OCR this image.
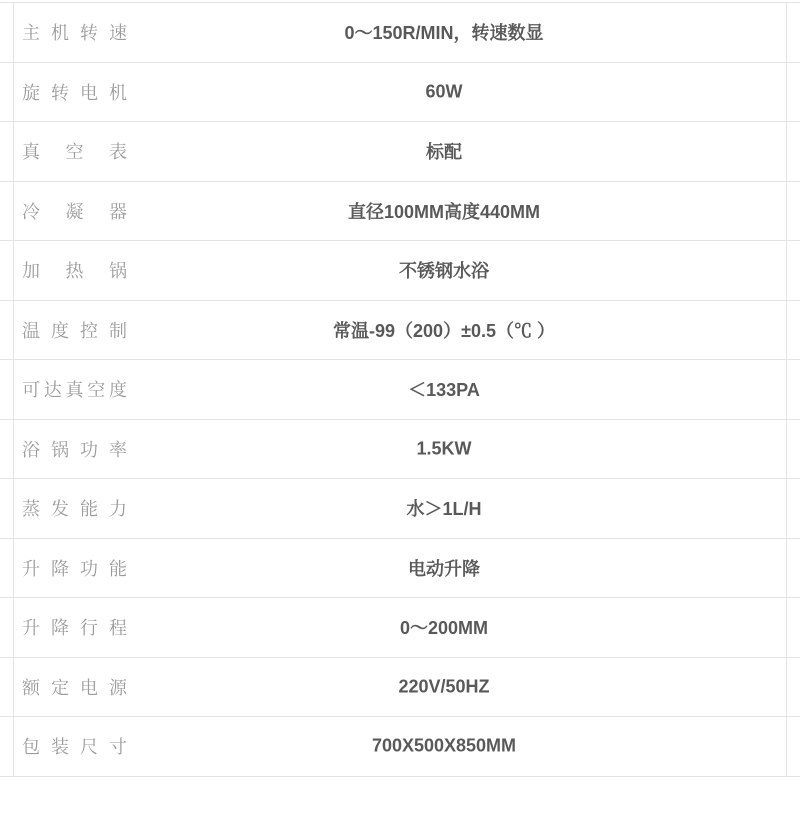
主机转速	0～150R/MIN，转速数显
旋转电机	60W
真空表	标配
冷凝器	直径100MM高度440MM
加热锅	不锈钢水浴
温度控制	常温-99（200）±0.5（℃ ）
可达真空度	＜133PA
浴锅功率	1.5KW
蒸发能力	水＞1L/H
升降功能	电动升降
升降行程	0～200MM
额定电源	220V/50HZ
包装尺寸	700X500X850MM
